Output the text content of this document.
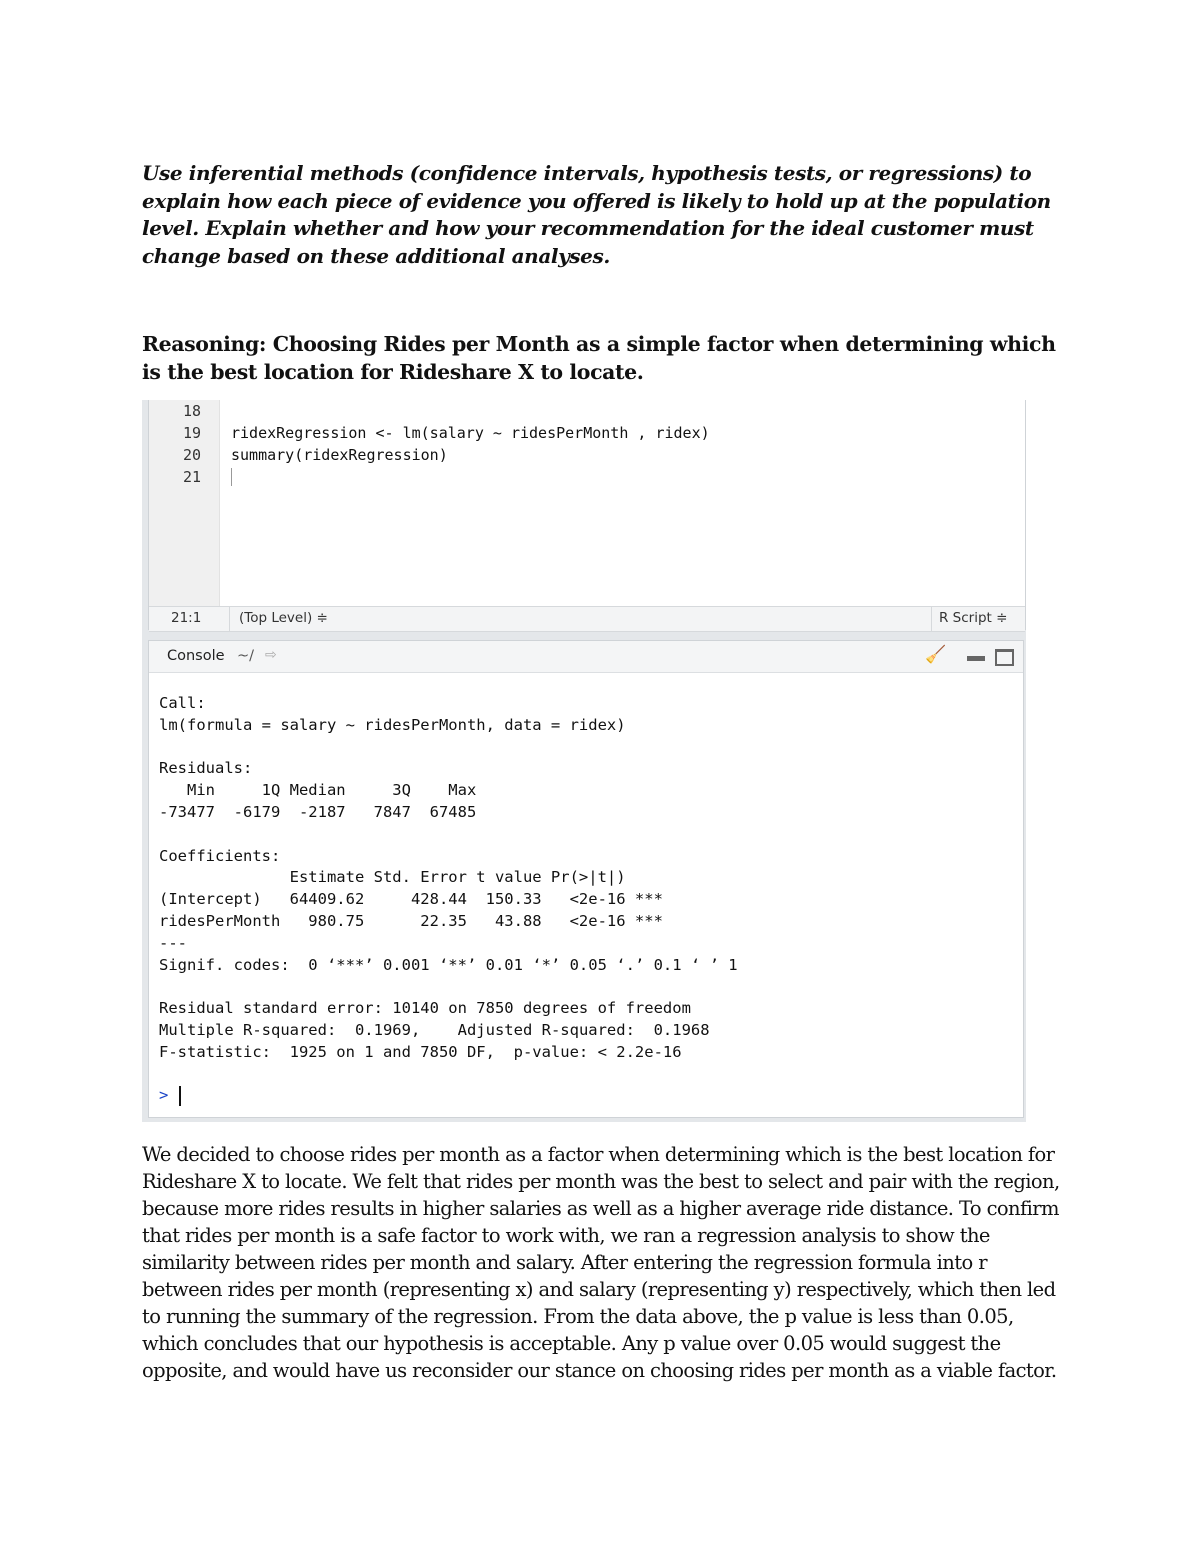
Use inferential methods (confidence intervals, hypothesis tests, or regressions) to explain how each piece of evidence you offered is likely to hold up at the population level. Explain whether and how your recommendation for the ideal customer must change based on these additional analyses.

Reasoning: Choosing Rides per Month as a simple factor when determining which is the best location for Rideshare X to locate.

18
19
20
21
ridexRegression <- lm(salary ~ ridesPerMonth , ridex)
summary(ridexRegression)
21:1	(Top Level) ≑	R Script ≑
Console ~/ ⇨	🧹
Call:
lm(formula = salary ~ ridesPerMonth, data = ridex)

Residuals:
Min     1Q Median     3Q    Max
-73477  -6179  -2187   7847  67485

Coefficients:
Estimate Std. Error t value Pr(>|t|)
(Intercept)   64409.62     428.44  150.33   <2e-16 ***
ridesPerMonth   980.75      22.35   43.88   <2e-16 ***
---
Signif. codes:  0 ‘***’ 0.001 ‘**’ 0.01 ‘*’ 0.05 ‘.’ 0.1 ‘ ’ 1

Residual standard error: 10140 on 7850 degrees of freedom
Multiple R-squared:  0.1969,	Adjusted R-squared:  0.1968
F-statistic:  1925 on 1 and 7850 DF,  p-value: < 2.2e-16
>

We decided to choose rides per month as a factor when determining which is the best location for Rideshare X to locate. We felt that rides per month was the best to select and pair with the region, because more rides results in higher salaries as well as a higher average ride distance. To confirm that rides per month is a safe factor to work with, we ran a regression analysis to show the similarity between rides per month and salary. After entering the regression formula into r between rides per month (representing x) and salary (representing y) respectively, which then led to running the summary of the regression. From the data above, the p value is less than 0.05, which concludes that our hypothesis is acceptable. Any p value over 0.05 would suggest the opposite, and would have us reconsider our stance on choosing rides per month as a viable factor.
